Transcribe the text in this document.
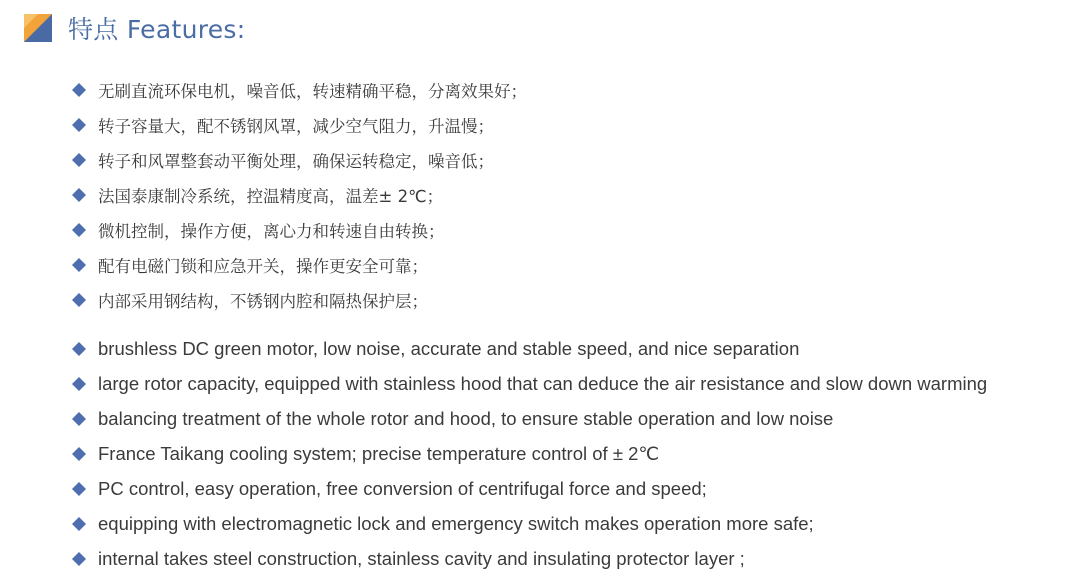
特点 Features:
无刷直流环保电机，噪音低，转速精确平稳，分离效果好；
转子容量大，配不锈钢风罩，减少空气阻力，升温慢；
转子和风罩整套动平衡处理，确保运转稳定，噪音低；
法国泰康制冷系统，控温精度高，温差± 2℃；
微机控制，操作方便，离心力和转速自由转换；
配有电磁门锁和应急开关，操作更安全可靠；
内部采用钢结构，不锈钢内腔和隔热保护层；
brushless DC green motor, low noise, accurate and stable speed, and nice separation
large rotor capacity, equipped with stainless hood that can deduce the air resistance and slow down warming
balancing treatment of the whole rotor and hood, to ensure stable operation and low noise
France Taikang cooling system; precise temperature control of ± 2℃
PC control, easy operation, free conversion of centrifugal force and speed;
equipping with electromagnetic lock and emergency switch makes operation more safe;
internal takes steel construction, stainless cavity and insulating protector layer ;
